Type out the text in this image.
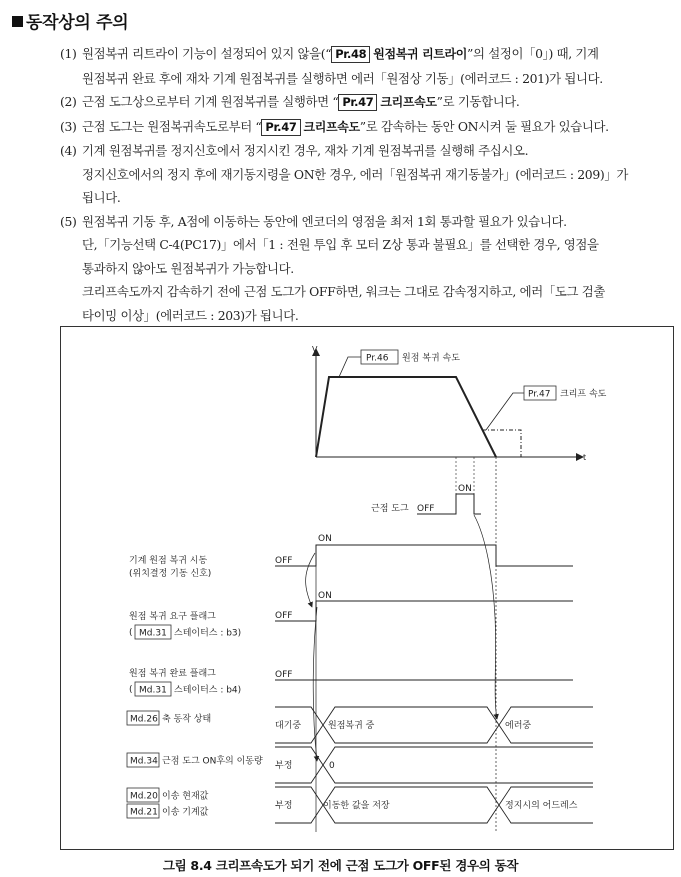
동작상의 주의
(1) 원점복귀 리트라이 기능이 설정되어 있지 않을(“ Pr.48 원점복귀 리트라이”의 설정이「0」) 때, 기계
원점복귀 완료 후에 재차 기계 원점복귀를 실행하면 에러「원점상 기동」(에러코드 : 201)가 됩니다.
(2) 근점 도그상으로부터 기계 원점복귀를 실행하면 “ Pr.47 크리프속도”로 기동합니다.
(3) 근점 도그는 원점복귀속도로부터 “ Pr.47 크리프속도”로 감속하는 동안 ON시켜 둘 필요가 있습니다.
(4) 기계 원점복귀를 정지신호에서 정지시킨 경우, 재차 기계 원점복귀를 실행해 주십시오.
정지신호에서의 정지 후에 재기동지령을 ON한 경우, 에러「원점복귀 재기동불가」(에러코드 : 209)」가
됩니다.
(5) 원점복귀 기동 후, A점에 이동하는 동안에 엔코더의 영점을 최저 1회 통과할 필요가 있습니다.
단,「기능선택 C-4(PC17)」에서「1 : 전원 투입 후 모터 Z상 통과 불필요」를 선택한 경우, 영점을
통과하지 않아도 원점복귀가 가능합니다.
크리프속도까지 감속하기 전에 근점 도그가 OFF하면, 워크는 그대로 감속정지하고, 에러「도그 검출
타이밍 이상」(에러코드 : 203)가 됩니다.
V
t
Pr.46 원점 복귀 속도
Pr.47 크리프 속도
근점 도그 OFF
ON
기계 원점 복귀 시동
(위치결정 기동 신호)
OFF
ON
원점 복귀 요구 플래그
( Md.31 스테이터스 : b3)
OFF
ON
원점 복귀 완료 플래그
( Md.31 스테이터스 : b4)
OFF
Md.26 축 동작 상태
대기중	원점복귀 중	에러중
Md.34 근점 도그 ON후의 이동량 부정	0
Md.20 이송 현재값
Md.21 이송 기계값
부정	이동한 값을 저장	정지시의 어드레스
그림 8.4 크리프속도가 되기 전에 근점 도그가 OFF된 경우의 동작
